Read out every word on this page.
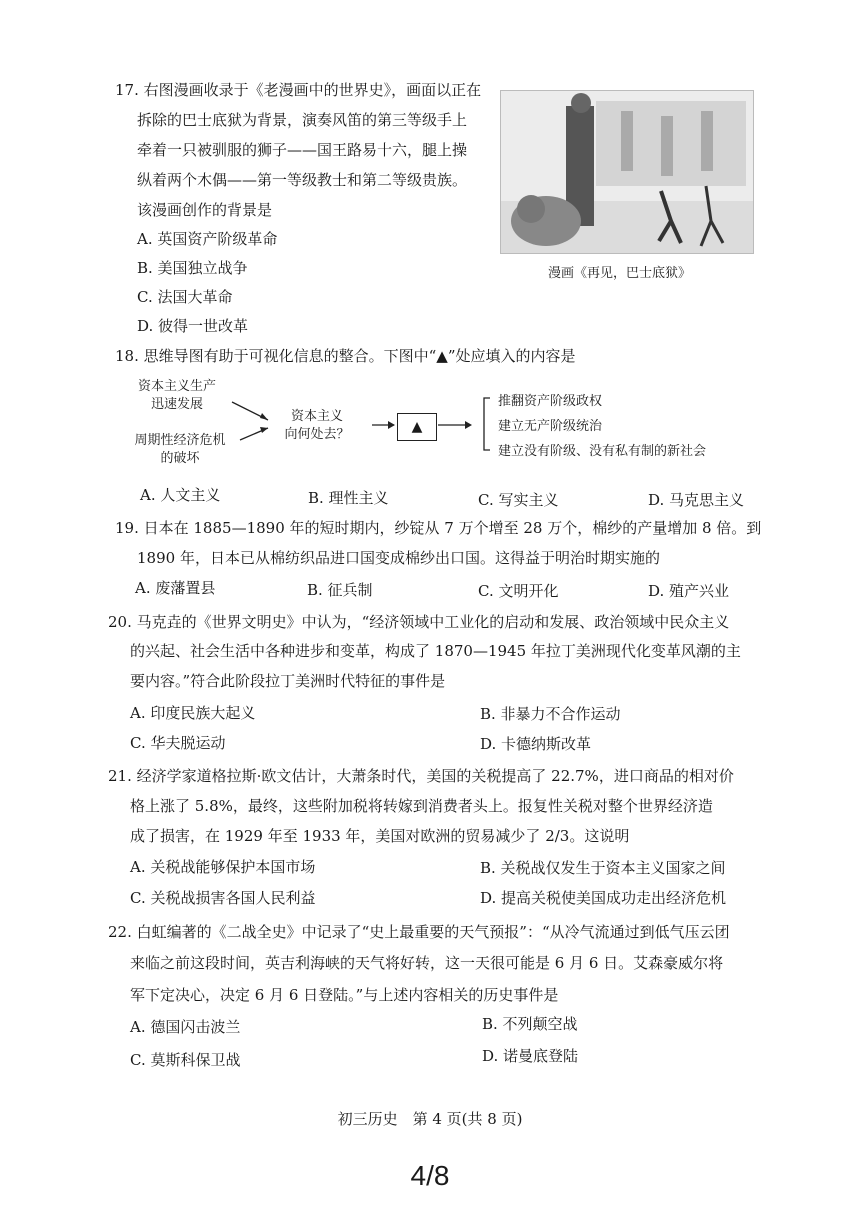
17. 右图漫画收录于《老漫画中的世界史》，画面以正在
拆除的巴士底狱为背景，演奏风笛的第三等级手上
牵着一只被驯服的狮子——国王路易十六，腿上操
纵着两个木偶——第一等级教士和第二等级贵族。
该漫画创作的背景是
A. 英国资产阶级革命
B. 美国独立战争
C. 法国大革命
D. 彼得一世改革
漫画《再见，巴士底狱》
18. 思维导图有助于可视化信息的整合。下图中“▲”处应填入的内容是
资本主义生产
迅速发展
周期性经济危机
的破坏
资本主义
向何处去？	▲
推翻资产阶级政权
建立无产阶级统治
建立没有阶级、没有私有制的新社会
A. 人文主义	B. 理性主义	C. 写实主义	D. 马克思主义
19. 日本在 1885—1890 年的短时期内，纱锭从 7 万个增至 28 万个，棉纱的产量增加 8 倍。到
1890 年，日本已从棉纺织品进口国变成棉纱出口国。这得益于明治时期实施的
A. 废藩置县	B. 征兵制	C. 文明开化	D. 殖产兴业
20. 马克垚的《世界文明史》中认为，“经济领域中工业化的启动和发展、政治领域中民众主义
的兴起、社会生活中各种进步和变革，构成了 1870—1945 年拉丁美洲现代化变革风潮的主
要内容。”符合此阶段拉丁美洲时代特征的事件是
A. 印度民族大起义	B. 非暴力不合作运动
C. 华夫脱运动	D. 卡德纳斯改革
21. 经济学家道格拉斯·欧文估计，大萧条时代，美国的关税提高了 22.7%，进口商品的相对价
格上涨了 5.8%，最终，这些附加税将转嫁到消费者头上。报复性关税对整个世界经济造
成了损害，在 1929 年至 1933 年，美国对欧洲的贸易减少了 2/3。这说明
A. 关税战能够保护本国市场	B. 关税战仅发生于资本主义国家之间
C. 关税战损害各国人民利益	D. 提高关税使美国成功走出经济危机
22. 白虹编著的《二战全史》中记录了“史上最重要的天气预报”：“从冷气流通过到低气压云团
来临之前这段时间，英吉利海峡的天气将好转，这一天很可能是 6 月 6 日。艾森豪威尔将
军下定决心，决定 6 月 6 日登陆。”与上述内容相关的历史事件是
A. 德国闪击波兰	B. 不列颠空战
C. 莫斯科保卫战	D. 诺曼底登陆
初三历史　第 4 页(共 8 页)
4/8
